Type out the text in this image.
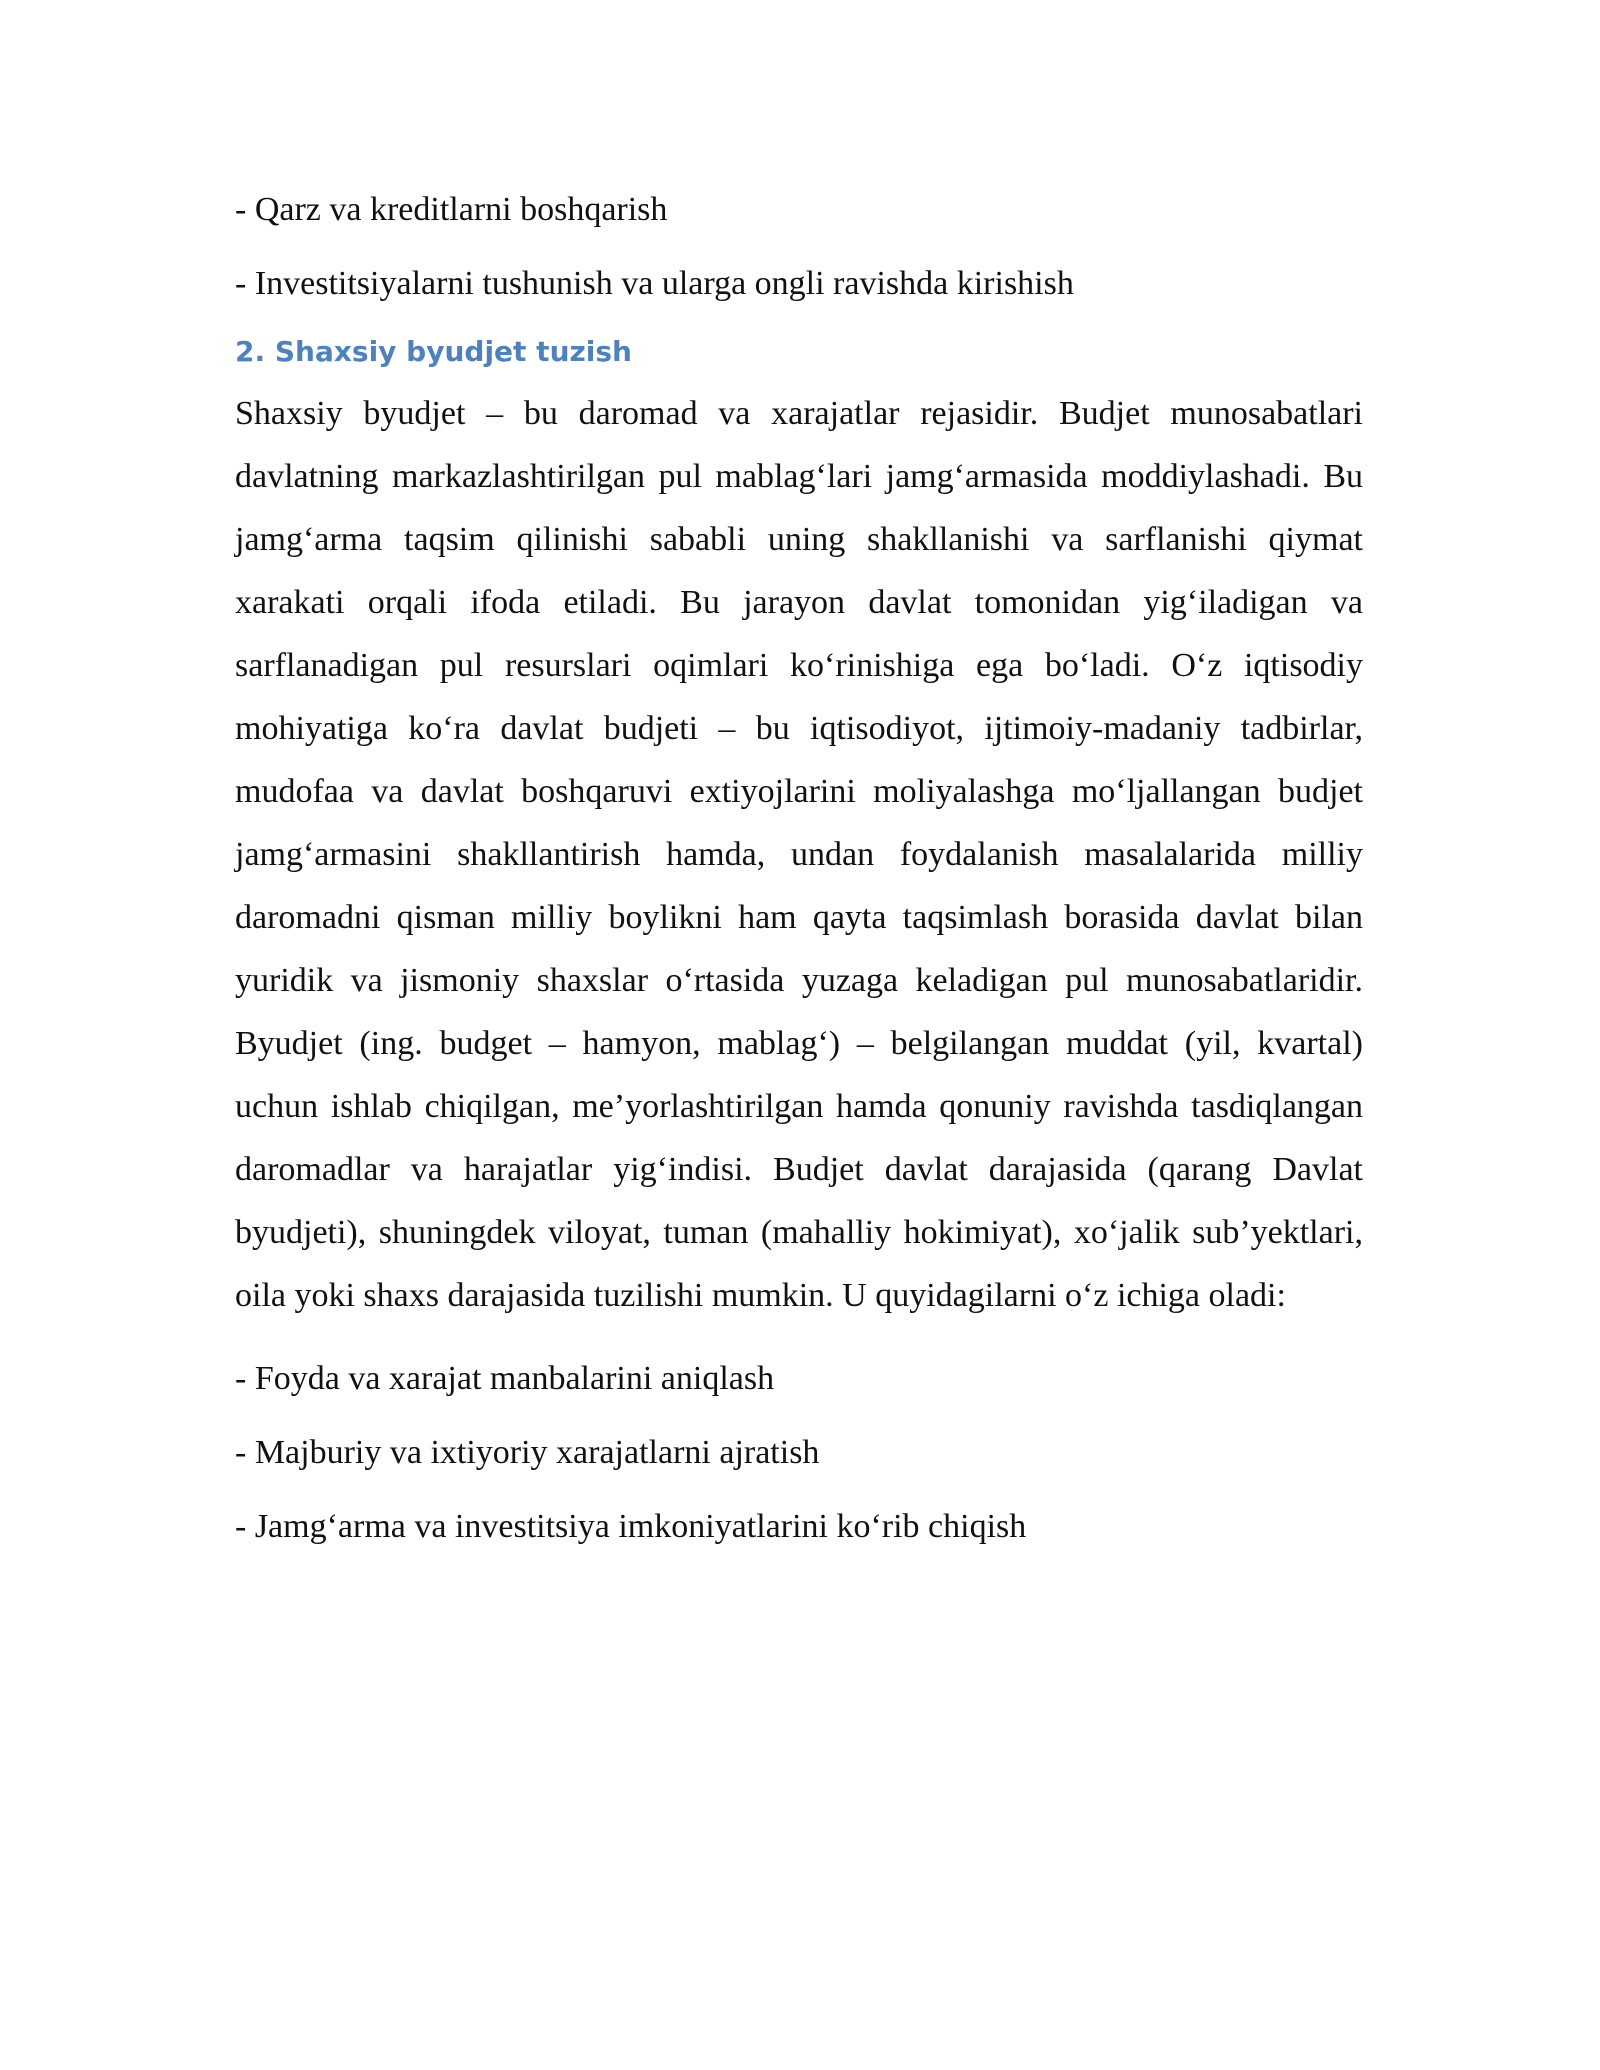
- Qarz va kreditlarni boshqarish

- Investitsiyalarni tushunish va ularga ongli ravishda kirishish

2. Shaxsiy byudjet tuzish

Shaxsiy byudjet – bu daromad va xarajatlar rejasidir. Budjet munosabatlari davlatning markazlashtirilgan pul mablag‘lari jamg‘armasida moddiylashadi. Bu jamg‘arma taqsim qilinishi sababli uning shakllanishi va sarflanishi qiymat xarakati orqali ifoda etiladi. Bu jarayon davlat tomonidan yig‘iladigan va sarflanadigan pul resurslari oqimlari ko‘rinishiga ega bo‘ladi. O‘z iqtisodiy mohiyatiga ko‘ra davlat budjeti – bu iqtisodiyot, ijtimoiy-madaniy tadbirlar, mudofaa va davlat boshqaruvi extiyojlarini moliyalashga mo‘ljallangan budjet jamg‘armasini shakllantirish hamda, undan foydalanish masalalarida milliy daromadni qisman milliy boylikni ham qayta taqsimlash borasida davlat bilan yuridik va jismoniy shaxslar o‘rtasida yuzaga keladigan pul munosabatlaridir. Byudjet (ing. budget – hamyon, mablag‘) – belgilangan muddat (yil, kvartal) uchun ishlab chiqilgan, me’yorlashtirilgan hamda qonuniy ravishda tasdiqlangan daromadlar va harajatlar yig‘indisi. Budjet davlat darajasida (qarang Davlat byudjeti), shuningdek viloyat, tuman (mahalliy hokimiyat), xo‘jalik sub’yektlari, oila yoki shaxs darajasida tuzilishi mumkin. U quyidagilarni o‘z ichiga oladi:

- Foyda va xarajat manbalarini aniqlash

- Majburiy va ixtiyoriy xarajatlarni ajratish

- Jamg‘arma va investitsiya imkoniyatlarini ko‘rib chiqish
